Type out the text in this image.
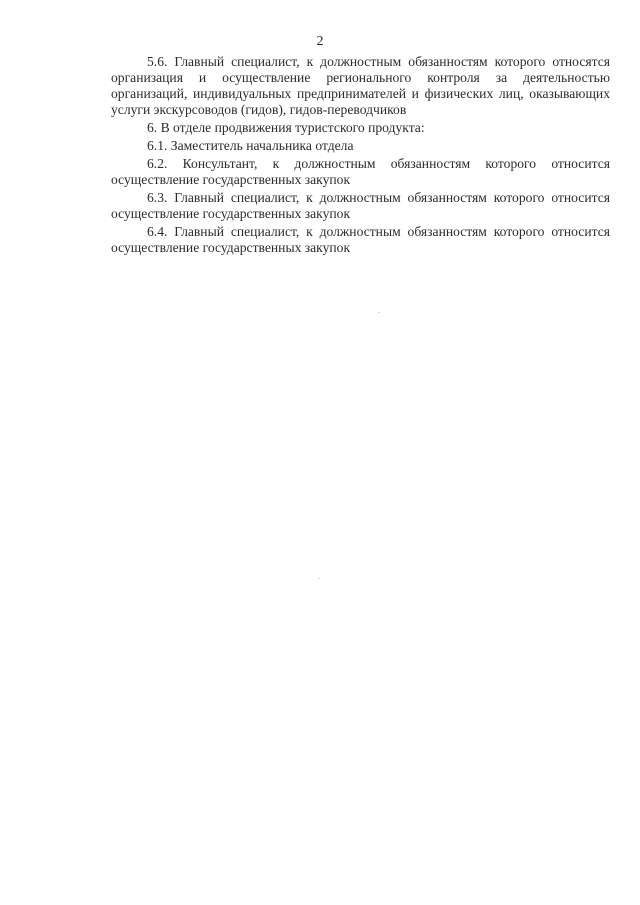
2

5.6. Главный специалист, к должностным обязанностям которого относятся организация и осуществление регионального контроля за деятельностью организаций, индивидуальных предпринимателей и физических лиц, оказывающих услуги экскурсоводов (гидов), гидов-переводчиков

6. В отделе продвижения туристского продукта:

6.1. Заместитель начальника отдела

6.2. Консультант, к должностным обязанностям которого относится осуществление государственных закупок

6.3. Главный специалист, к должностным обязанностям которого относится осуществление государственных закупок

6.4. Главный специалист, к должностным обязанностям которого относится осуществление государственных закупок
